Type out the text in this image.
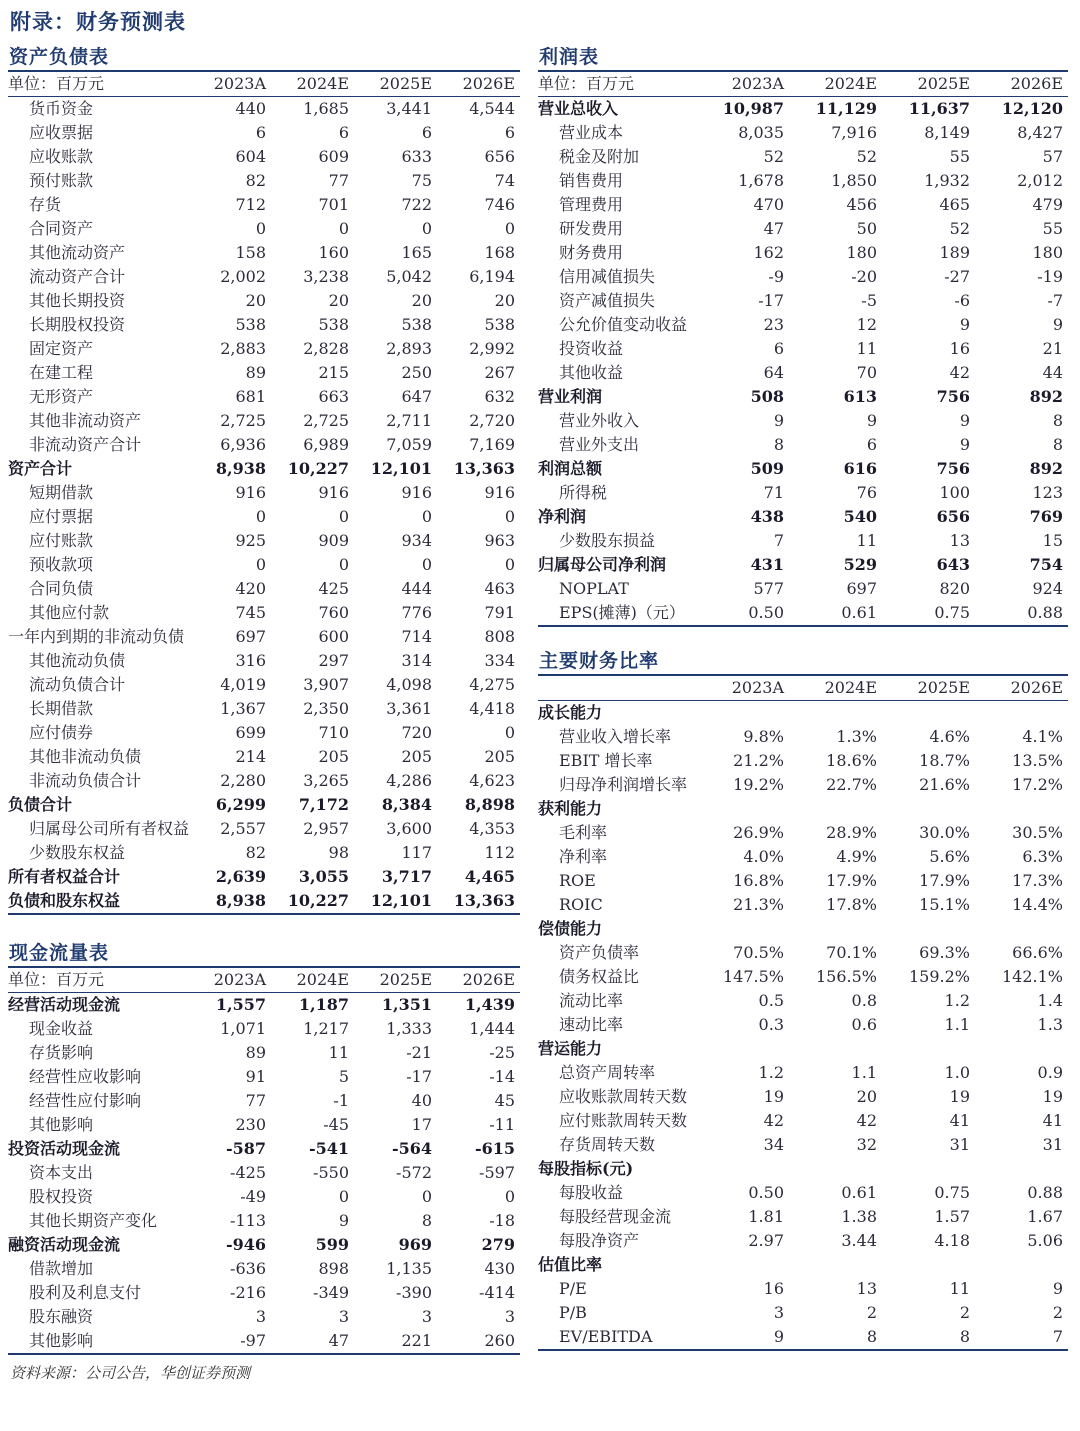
附录：财务预测表
资产负债表
单位：百万元	2023A	2024E	2025E	2026E
货币资金	440	1,685	3,441	4,544
应收票据	6	6	6	6
应收账款	604	609	633	656
预付账款	82	77	75	74
存货	712	701	722	746
合同资产	0	0	0	0
其他流动资产	158	160	165	168
流动资产合计	2,002	3,238	5,042	6,194
其他长期投资	20	20	20	20
长期股权投资	538	538	538	538
固定资产	2,883	2,828	2,893	2,992
在建工程	89	215	250	267
无形资产	681	663	647	632
其他非流动资产	2,725	2,725	2,711	2,720
非流动资产合计	6,936	6,989	7,059	7,169
资产合计	8,938	10,227	12,101	13,363
短期借款	916	916	916	916
应付票据	0	0	0	0
应付账款	925	909	934	963
预收款项	0	0	0	0
合同负债	420	425	444	463
其他应付款	745	760	776	791
一年内到期的非流动负债	697	600	714	808
其他流动负债	316	297	314	334
流动负债合计	4,019	3,907	4,098	4,275
长期借款	1,367	2,350	3,361	4,418
应付债券	699	710	720	0
其他非流动负债	214	205	205	205
非流动负债合计	2,280	3,265	4,286	4,623
负债合计	6,299	7,172	8,384	8,898
归属母公司所有者权益	2,557	2,957	3,600	4,353
少数股东权益	82	98	117	112
所有者权益合计	2,639	3,055	3,717	4,465
负债和股东权益	8,938	10,227	12,101	13,363
利润表
单位：百万元	2023A	2024E	2025E	2026E
营业总收入	10,987	11,129	11,637	12,120
营业成本	8,035	7,916	8,149	8,427
税金及附加	52	52	55	57
销售费用	1,678	1,850	1,932	2,012
管理费用	470	456	465	479
研发费用	47	50	52	55
财务费用	162	180	189	180
信用减值损失	-9	-20	-27	-19
资产减值损失	-17	-5	-6	-7
公允价值变动收益	23	12	9	9
投资收益	6	11	16	21
其他收益	64	70	42	44
营业利润	508	613	756	892
营业外收入	9	9	9	8
营业外支出	8	6	9	8
利润总额	509	616	756	892
所得税	71	76	100	123
净利润	438	540	656	769
少数股东损益	7	11	13	15
归属母公司净利润	431	529	643	754
NOPLAT	577	697	820	924
EPS(摊薄)（元）	0.50	0.61	0.75	0.88
主要财务比率
	2023A	2024E	2025E	2026E
成长能力				
营业收入增长率	9.8%	1.3%	4.6%	4.1%
EBIT 增长率	21.2%	18.6%	18.7%	13.5%
归母净利润增长率	19.2%	22.7%	21.6%	17.2%
获利能力				
毛利率	26.9%	28.9%	30.0%	30.5%
净利率	4.0%	4.9%	5.6%	6.3%
ROE	16.8%	17.9%	17.9%	17.3%
ROIC	21.3%	17.8%	15.1%	14.4%
偿债能力				
资产负债率	70.5%	70.1%	69.3%	66.6%
债务权益比	147.5%	156.5%	159.2%	142.1%
流动比率	0.5	0.8	1.2	1.4
速动比率	0.3	0.6	1.1	1.3
营运能力				
总资产周转率	1.2	1.1	1.0	0.9
应收账款周转天数	19	20	19	19
应付账款周转天数	42	42	41	41
存货周转天数	34	32	31	31
每股指标(元)				
每股收益	0.50	0.61	0.75	0.88
每股经营现金流	1.81	1.38	1.57	1.67
每股净资产	2.97	3.44	4.18	5.06
估值比率				
P/E	16	13	11	9
P/B	3	2	2	2
EV/EBITDA	9	8	8	7
现金流量表
单位：百万元	2023A	2024E	2025E	2026E
经营活动现金流	1,557	1,187	1,351	1,439
现金收益	1,071	1,217	1,333	1,444
存货影响	89	11	-21	-25
经营性应收影响	91	5	-17	-14
经营性应付影响	77	-1	40	45
其他影响	230	-45	17	-11
投资活动现金流	-587	-541	-564	-615
资本支出	-425	-550	-572	-597
股权投资	-49	0	0	0
其他长期资产变化	-113	9	8	-18
融资活动现金流	-946	599	969	279
借款增加	-636	898	1,135	430
股利及利息支付	-216	-349	-390	-414
股东融资	3	3	3	3
其他影响	-97	47	221	260
资料来源：公司公告，华创证券预测
